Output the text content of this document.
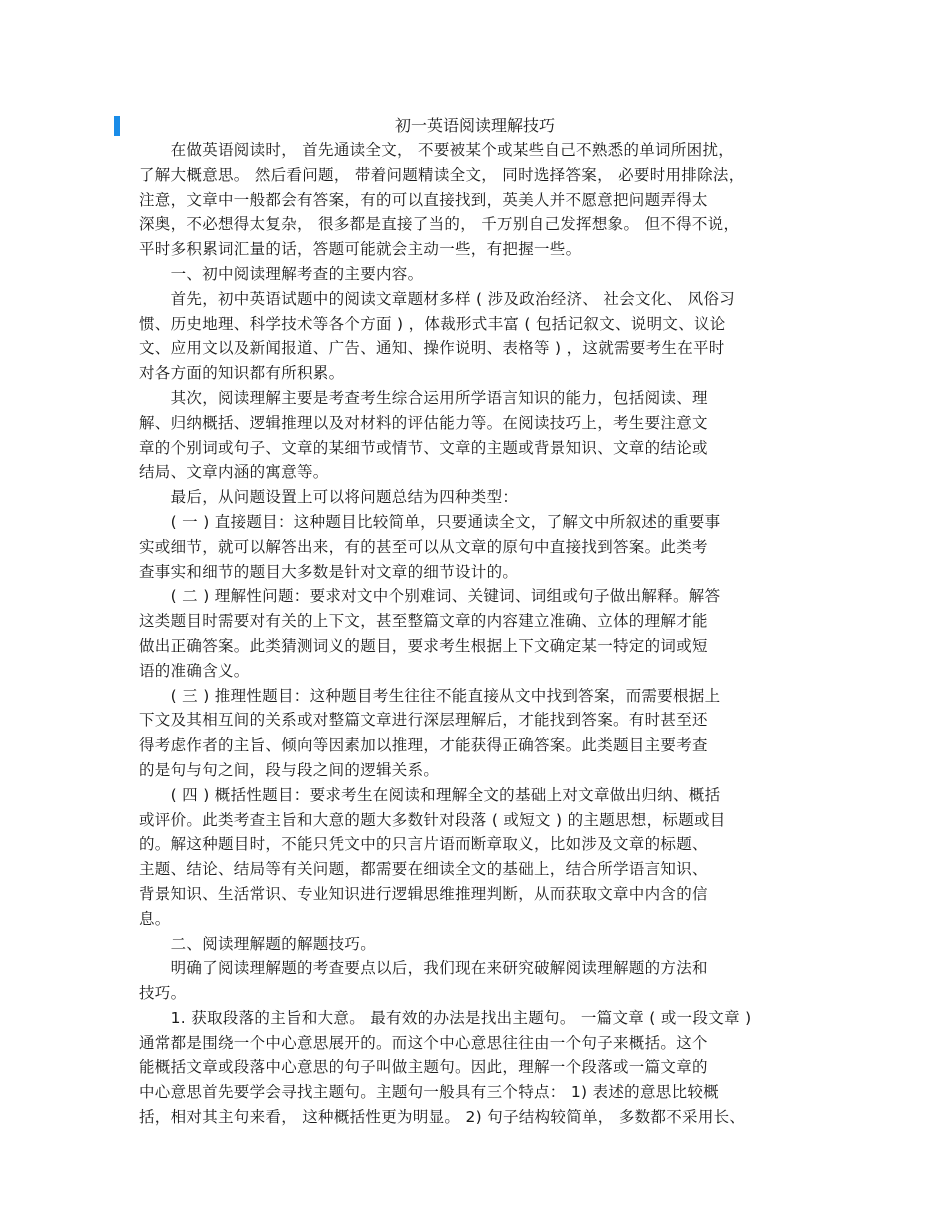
初一英语阅读理解技巧
　　在做英语阅读时， 首先通读全文， 不要被某个或某些自己不熟悉的单词所困扰，
了解大概意思。 然后看问题， 带着问题精读全文， 同时选择答案， 必要时用排除法，
注意，文章中一般都会有答案，有的可以直接找到，英美人并不愿意把问题弄得太
深奥，不必想得太复杂， 很多都是直接了当的， 千万别自己发挥想象。 但不得不说，
平时多积累词汇量的话，答题可能就会主动一些，有把握一些。
　　一、初中阅读理解考查的主要内容。
　　首先，初中英语试题中的阅读文章题材多样 ( 涉及政治经济、 社会文化、 风俗习
惯、历史地理、科学技术等各个方面 ) ，体裁形式丰富 ( 包括记叙文、说明文、议论
文、应用文以及新闻报道、广告、通知、操作说明、表格等 ) ，这就需要考生在平时
对各方面的知识都有所积累。
　　其次，阅读理解主要是考查考生综合运用所学语言知识的能力，包括阅读、理
解、归纳概括、逻辑推理以及对材料的评估能力等。在阅读技巧上，考生要注意文
章的个别词或句子、文章的某细节或情节、文章的主题或背景知识、文章的结论或
结局、文章内涵的寓意等。
　　最后，从问题设置上可以将问题总结为四种类型：
　　( 一 ) 直接题目：这种题目比较简单，只要通读全文，了解文中所叙述的重要事
实或细节，就可以解答出来，有的甚至可以从文章的原句中直接找到答案。此类考
查事实和细节的题目大多数是针对文章的细节设计的。
　　( 二 ) 理解性问题：要求对文中个别难词、关键词、词组或句子做出解释。解答
这类题目时需要对有关的上下文，甚至整篇文章的内容建立准确、立体的理解才能
做出正确答案。此类猜测词义的题目，要求考生根据上下文确定某一特定的词或短
语的准确含义。
　　( 三 ) 推理性题目：这种题目考生往往不能直接从文中找到答案，而需要根据上
下文及其相互间的关系或对整篇文章进行深层理解后，才能找到答案。有时甚至还
得考虑作者的主旨、倾向等因素加以推理，才能获得正确答案。此类题目主要考查
的是句与句之间，段与段之间的逻辑关系。
　　( 四 ) 概括性题目：要求考生在阅读和理解全文的基础上对文章做出归纳、概括
或评价。此类考查主旨和大意的题大多数针对段落 ( 或短文 ) 的主题思想，标题或目
的。解这种题目时，不能只凭文中的只言片语而断章取义，比如涉及文章的标题、
主题、结论、结局等有关问题，都需要在细读全文的基础上，结合所学语言知识、
背景知识、生活常识、专业知识进行逻辑思维推理判断，从而获取文章中内含的信
息。
　　二、阅读理解题的解题技巧。
　　明确了阅读理解题的考查要点以后，我们现在来研究破解阅读理解题的方法和
技巧。
　　1. 获取段落的主旨和大意。 最有效的办法是找出主题句。 一篇文章 ( 或一段文章 )
通常都是围绕一个中心意思展开的。而这个中心意思往往由一个句子来概括。这个
能概括文章或段落中心意思的句子叫做主题句。因此，理解一个段落或一篇文章的
中心意思首先要学会寻找主题句。主题句一般具有三个特点： 1) 表述的意思比较概
括，相对其主句来看， 这种概括性更为明显。 2) 句子结构较简单， 多数都不采用长、
